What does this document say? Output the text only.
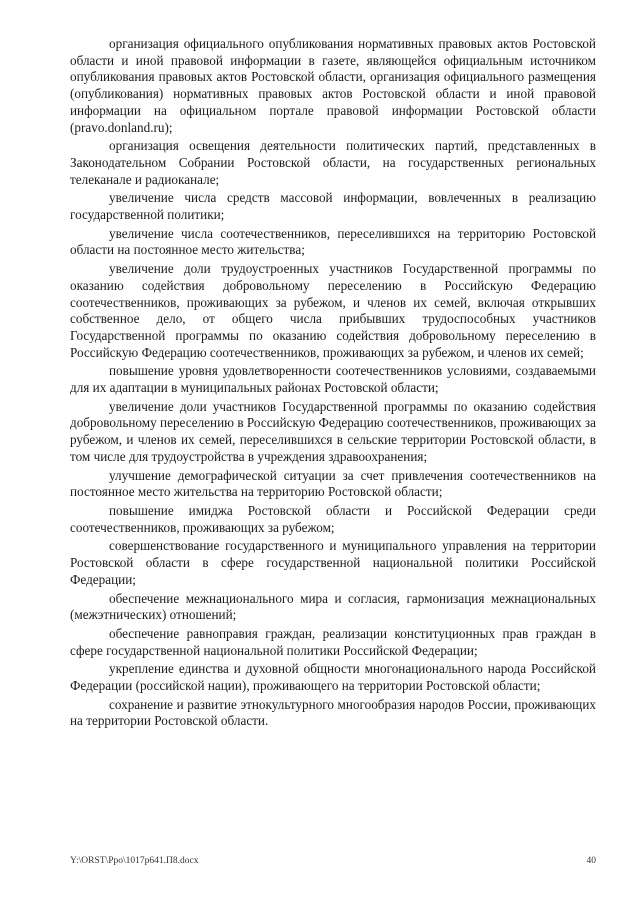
организация официального опубликования нормативных правовых актов Ростовской области и иной правовой информации в газете, являющейся официальным источником опубликования правовых актов Ростовской области, организация официального размещения (опубликования) нормативных правовых актов Ростовской области и иной правовой информации на официальном портале правовой информации Ростовской области (pravo.donland.ru);

организация освещения деятельности политических партий, представленных в Законодательном Собрании Ростовской области, на государственных региональных телеканале и радиоканале;

увеличение числа средств массовой информации, вовлеченных в реализацию государственной политики;

увеличение числа соотечественников, переселившихся на территорию Ростовской области на постоянное место жительства;

увеличение доли трудоустроенных участников Государственной программы по оказанию содействия добровольному переселению в Российскую Федерацию соотечественников, проживающих за рубежом, и членов их семей, включая открывших собственное дело, от общего числа прибывших трудоспособных участников Государственной программы по оказанию содействия добровольному переселению в Российскую Федерацию соотечественников, проживающих за рубежом, и членов их семей;

повышение уровня удовлетворенности соотечественников условиями, создаваемыми для их адаптации в муниципальных районах Ростовской области;

увеличение доли участников Государственной программы по оказанию содействия добровольному переселению в Российскую Федерацию соотечественников, проживающих за рубежом, и членов их семей, переселившихся в сельские территории Ростовской области, в том числе для трудоустройства в учреждения здравоохранения;

улучшение демографической ситуации за счет привлечения соотечественников на постоянное место жительства на территорию Ростовской области;

повышение имиджа Ростовской области и Российской Федерации среди соотечественников, проживающих за рубежом;

совершенствование государственного и муниципального управления на территории Ростовской области в сфере государственной национальной политики Российской Федерации;

обеспечение межнационального мира и согласия, гармонизация межнациональных (межэтнических) отношений;

обеспечение равноправия граждан, реализации конституционных прав граждан в сфере государственной национальной политики Российской Федерации;

укрепление единства и духовной общности многонационального народа Российской Федерации (российской нации), проживающего на территории Ростовской области;

сохранение и развитие этнокультурного многообразия народов России, проживающих на территории Ростовской области.

Y:\ORST\Ppo\1017p641.П8.docx	40
